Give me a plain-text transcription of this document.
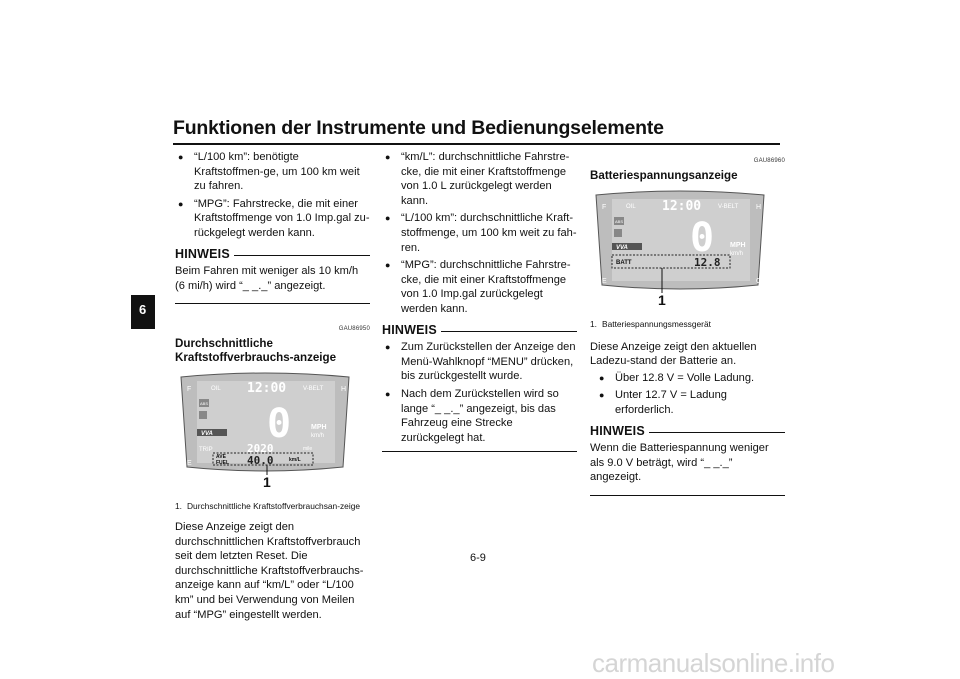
Funktionen der Instrumente und Bedienungselemente
6
● “L/100 km”: benötigte Kraftstoffmen-ge, um 100 km weit zu fahren.
● “MPG”: Fahrstrecke, die mit einer Kraftstoffmenge von 1.0 Imp.gal zu-rückgelegt werden kann.
HINWEIS

Beim Fahren mit weniger als 10 km/h (6 mi/h) wird “_ _._” angezeigt.

GAU86950
Durchschnittliche Kraftstoffverbrauchs-anzeige
F	H
E
OIL	V-BELT
12:00
ABS
VVA 0	MPH
km/h
2020	mile
TRIP
AVE
FUEL 40.0	km/L
1
1. Durchschnittliche Kraftstoffverbrauchsan-zeige

Diese Anzeige zeigt den durchschnittlichen Kraftstoffverbrauch seit dem letzten Reset. Die durchschnittliche Kraftstoffverbrauchs-anzeige kann auf “km/L” oder “L/100 km” und bei Verwendung von Meilen auf “MPG” eingestellt werden.

● “km/L”: durchschnittliche Fahrstre-cke, die mit einer Kraftstoffmenge von 1.0 L zurückgelegt werden kann.
● “L/100 km”: durchschnittliche Kraft-stoffmenge, um 100 km weit zu fah-ren.
● “MPG”: durchschnittliche Fahrstre-cke, die mit einer Kraftstoffmenge von 1.0 Imp.gal zurückgelegt werden kann.
HINWEIS
● Zum Zurückstellen der Anzeige den Menü-Wahlknopf “MENU” drücken, bis zurückgestellt wurde.
● Nach dem Zurückstellen wird so lange “_ _._” angezeigt, bis das Fahrzeug eine Strecke zurückgelegt hat.
GAU86960
Batteriespannungsanzeige
F	H
E	C
OIL	V-BELT
12:00
ABS
VVA 0 MPH
km/h
BATT	12.8
1
1. Batteriespannungsmessgerät

Diese Anzeige zeigt den aktuellen Ladezu-stand der Batterie an.

● Über 12.8 V = Volle Ladung.
● Unter 12.7 V = Ladung erforderlich.
HINWEIS

Wenn die Batteriespannung weniger als 9.0 V beträgt, wird “_ _._” angezeigt.

6-9
carmanualsonline.info
